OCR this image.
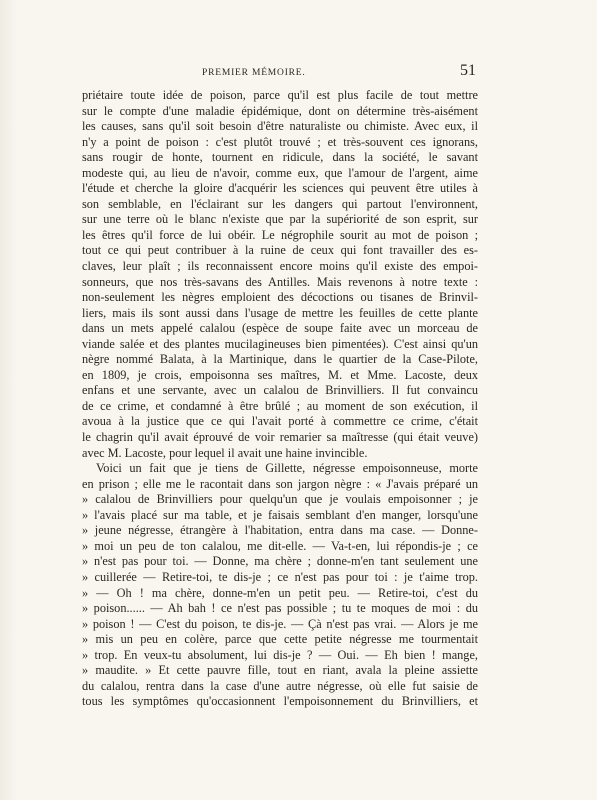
PREMIER MÉMOIRE.	51
priétaire toute idée de poison, parce qu'il est plus facile de tout mettre
sur le compte d'une maladie épidémique, dont on détermine très-aisément
les causes, sans qu'il soit besoin d'être naturaliste ou chimiste. Avec eux, il
n'y a point de poison : c'est plutôt trouvé ; et très-souvent ces ignorans,
sans rougir de honte, tournent en ridicule, dans la société, le savant
modeste qui, au lieu de n'avoir, comme eux, que l'amour de l'argent, aime
l'étude et cherche la gloire d'acquérir les sciences qui peuvent être utiles à
son semblable, en l'éclairant sur les dangers qui partout l'environnent,
sur une terre où le blanc n'existe que par la supériorité de son esprit, sur
les êtres qu'il force de lui obéir. Le négrophile sourit au mot de poison ;
tout ce qui peut contribuer à la ruine de ceux qui font travailler des es-
claves, leur plaît ; ils reconnaissent encore moins qu'il existe des empoi-
sonneurs, que nos très-savans des Antilles. Mais revenons à notre texte :
non-seulement les nègres emploient des décoctions ou tisanes de Brinvil-
liers, mais ils sont aussi dans l'usage de mettre les feuilles de cette plante
dans un mets appelé calalou (espèce de soupe faite avec un morceau de
viande salée et des plantes mucilagineuses bien pimentées). C'est ainsi qu'un
nègre nommé Balata, à la Martinique, dans le quartier de la Case-Pilote,
en 1809, je crois, empoisonna ses maîtres, M. et Mme. Lacoste, deux
enfans et une servante, avec un calalou de Brinvilliers. Il fut convaincu
de ce crime, et condamné à être brûlé ; au moment de son exécution, il
avoua à la justice que ce qui l'avait porté à commettre ce crime, c'était
le chagrin qu'il avait éprouvé de voir remarier sa maîtresse (qui était veuve)
avec M. Lacoste, pour lequel il avait une haine invincible.
Voici un fait que je tiens de Gillette, négresse empoisonneuse, morte
en prison ; elle me le racontait dans son jargon nègre : « J'avais préparé un
» calalou de Brinvilliers pour quelqu'un que je voulais empoisonner ; je
» l'avais placé sur ma table, et je faisais semblant d'en manger, lorsqu'une
» jeune négresse, étrangère à l'habitation, entra dans ma case. — Donne-
» moi un peu de ton calalou, me dit-elle. — Va-t-en, lui répondis-je ; ce
» n'est pas pour toi. — Donne, ma chère ; donne-m'en tant seulement une
» cuillerée — Retire-toi, te dis-je ; ce n'est pas pour toi : je t'aime trop.
» — Oh ! ma chère, donne-m'en un petit peu. — Retire-toi, c'est du
» poison...... — Ah bah ! ce n'est pas possible ; tu te moques de moi : du
» poison ! — C'est du poison, te dis-je. — Çà n'est pas vrai. — Alors je me
» mis un peu en colère, parce que cette petite négresse me tourmentait
» trop. En veux-tu absolument, lui dis-je ? — Oui. — Eh bien ! mange,
» maudite. » Et cette pauvre fille, tout en riant, avala la pleine assiette
du calalou, rentra dans la case d'une autre négresse, où elle fut saisie de
tous les symptômes qu'occasionnent l'empoisonnement du Brinvilliers, et
